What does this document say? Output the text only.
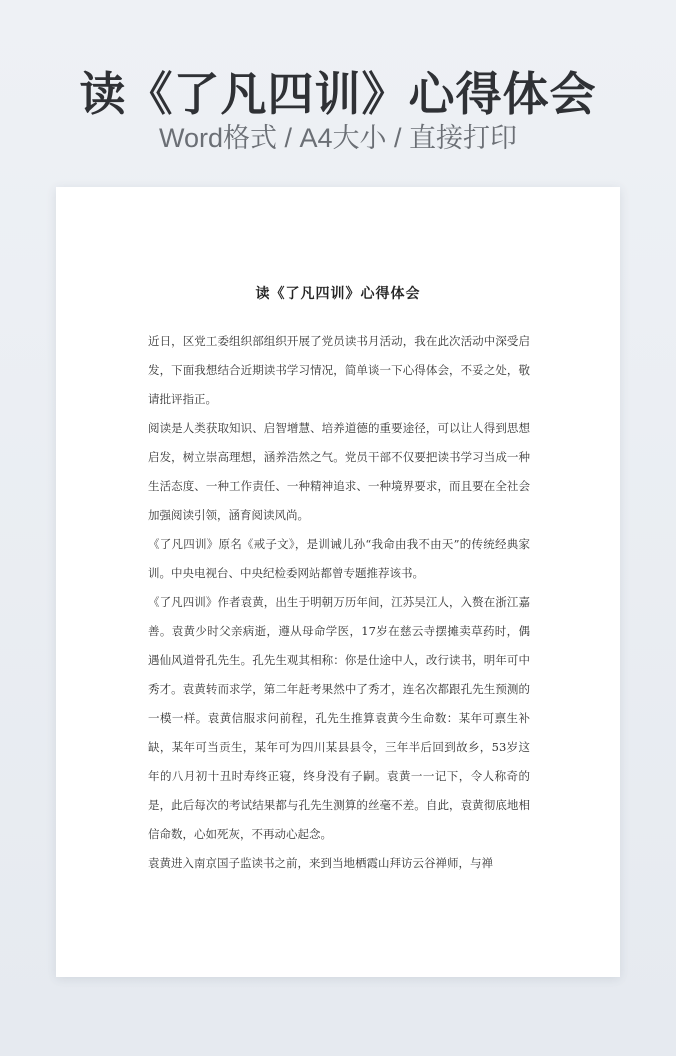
读《了凡四训》心得体会
Word格式 / A4大小 / 直接打印
读《了凡四训》心得体会

近日，区党工委组织部组织开展了党员读书月活动，我在此次活动中深受启发，下面我想结合近期读书学习情况，简单谈一下心得体会，不妥之处，敬请批评指正。

阅读是人类获取知识、启智增慧、培养道德的重要途径，可以让人得到思想启发，树立崇高理想，涵养浩然之气。党员干部不仅要把读书学习当成一种生活态度、一种工作责任、一种精神追求、一种境界要求，而且要在全社会加强阅读引领，涵育阅读风尚。

《了凡四训》原名《戒子文》，是训诫儿孙“我命由我不由天”的传统经典家训。中央电视台、中央纪检委网站都曾专题推荐该书。

《了凡四训》作者袁黄，出生于明朝万历年间，江苏吴江人，入赘在浙江嘉善。袁黄少时父亲病逝，遵从母命学医，17岁在慈云寺摆摊卖草药时，偶遇仙风道骨孔先生。孔先生观其相称：你是仕途中人，改行读书，明年可中秀才。袁黄转而求学，第二年赶考果然中了秀才，连名次都跟孔先生预测的一模一样。袁黄信服求问前程，孔先生推算袁黄今生命数：某年可禀生补缺，某年可当贡生，某年可为四川某县县令，三年半后回到故乡，53岁这年的八月初十丑时寿终正寝，终身没有子嗣。袁黄一一记下，令人称奇的是，此后每次的考试结果都与孔先生测算的丝毫不差。自此，袁黄彻底地相信命数，心如死灰，不再动心起念。

袁黄进入南京国子监读书之前，来到当地栖霞山拜访云谷禅师，与禅
